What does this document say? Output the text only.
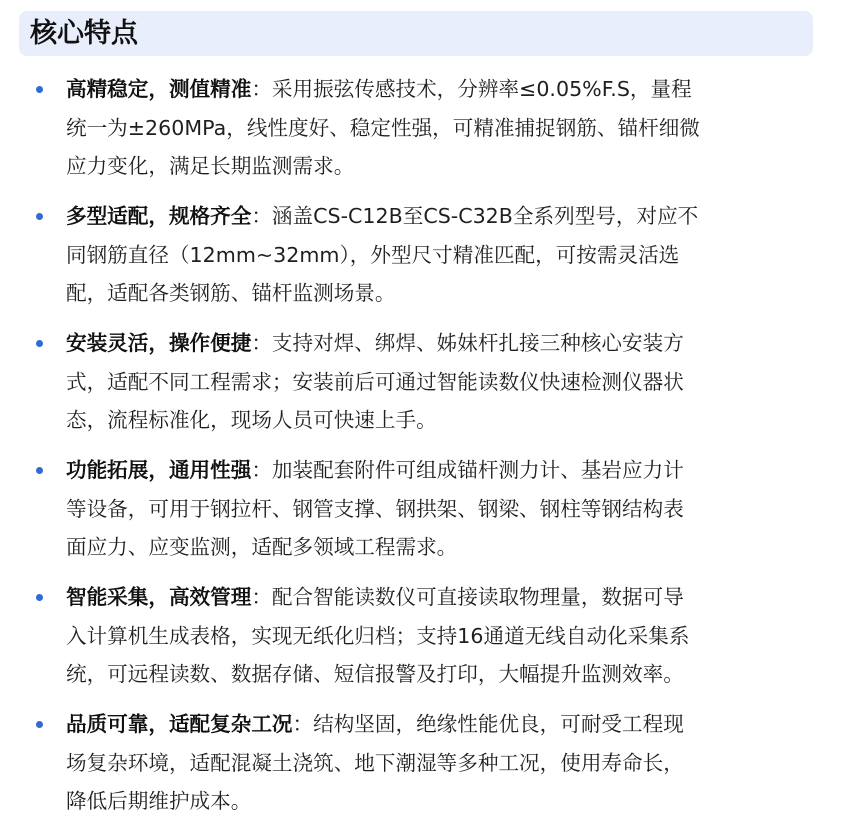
核心特点
高精稳定，测值精准：采用振弦传感技术，分辨率≤0.05%F.S，量程
统一为±260MPa，线性度好、稳定性强，可精准捕捉钢筋、锚杆细微
应力变化，满足长期监测需求。
多型适配，规格齐全：涵盖CS-C12B至CS-C32B全系列型号，对应不
同钢筋直径（12mm~32mm），外型尺寸精准匹配，可按需灵活选
配，适配各类钢筋、锚杆监测场景。
安装灵活，操作便捷：支持对焊、绑焊、姊妹杆扎接三种核心安装方
式，适配不同工程需求；安装前后可通过智能读数仪快速检测仪器状
态，流程标准化，现场人员可快速上手。
功能拓展，通用性强：加装配套附件可组成锚杆测力计、基岩应力计
等设备，可用于钢拉杆、钢管支撑、钢拱架、钢梁、钢柱等钢结构表
面应力、应变监测，适配多领域工程需求。
智能采集，高效管理：配合智能读数仪可直接读取物理量，数据可导
入计算机生成表格，实现无纸化归档；支持16通道无线自动化采集系
统，可远程读数、数据存储、短信报警及打印，大幅提升监测效率。
品质可靠，适配复杂工况：结构坚固，绝缘性能优良，可耐受工程现
场复杂环境，适配混凝土浇筑、地下潮湿等多种工况，使用寿命长，
降低后期维护成本。
